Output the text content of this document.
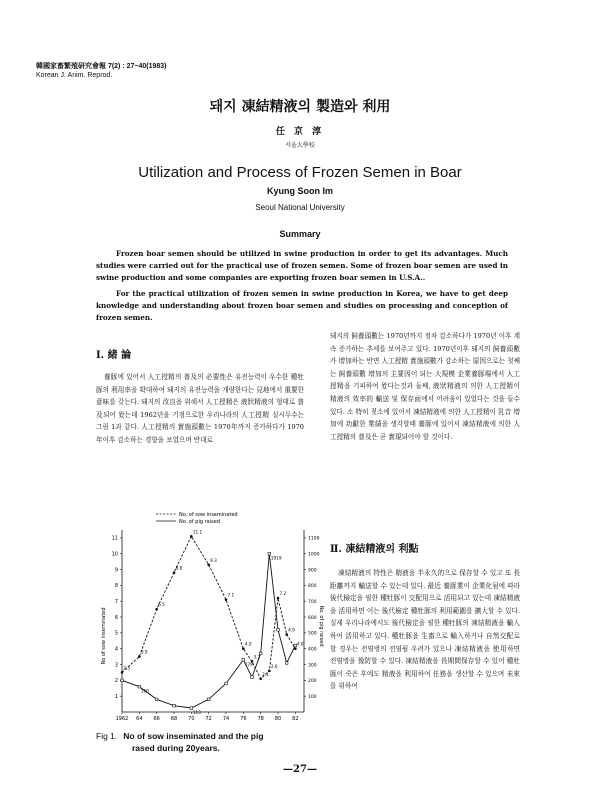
韓國家畜繁殖研究會報 7(2) : 27~40(1983)
Korean J. Anim. Reprod.
돼지 凍結精液의 製造와 利用
任 京 淳
서울大學校
Utilization and Process of Frozen Semen in Boar
Kyung Soon Im
Seoul National University
Summary

Frozen boar semen should be utilized in swine production in order to get its advantages. Much studies were carried out for the practical use of frozen semen. Some of frozen boar semen are used in swine production and some companies are exporting frozen boar semen in U.S.A..

For the practical utilization of frozen semen in swine production in Korea, we have to get deep knowledge and understanding about frozen boar semen and studies on processing and conception of frozen semen.

Ⅰ. 緒 論

養豚에 있어서 人工授精의 普及의 必要性은 유전능력이 우수한 種牡豚의 利用率을 확대하여 돼지의 유전능력을 개량한다는 見地에서 重要한 意味를 갖는다. 돼지의 改良을 위해서 人工授精은 液狀精液의 형태로 普及되어 왔는데 1962년을 기점으로한 우리나라의 人工授精 실시두수는 그림 1과 같다. 人工授精의 實施頭數는 1970年까지 증가하다가 1970年이후 감소하는 경향을 보였으며 반대로

1962 64 66 68 70 72 74 76 78 80 82
1
2
3
4
5
6
7
8
9
10
11
100
200
300
400
500
600
700
800
900
1000
1100
2.5
3.9
6.5
8.8
11.1
9.3
7.1
4.0
3.2
2.1
2.6
7.2
4.9
4.0
160
113
179
1919
No. of sow inseminated
No. of pig raised
No of sow inseminated	No. of pig raised
Fig 1. No of sow inseminated and the pig
rased during 20years.

돼지의 飼養頭數는 1970년까지 점차 감소하다가 1970년 이후 계속 증가하는 추세를 보여주고 있다. 1970년이후 돼지의 飼養頭數가 增加하는 반면 人工授精 實施頭數가 감소하는 原因으로는 첫째는 飼養頭數 增加의 主要因이 되는 大規模 企業養豚場에서 人工授精을 기피하여 왔다는것과 둘째, 液狀精液의 의한 人工授精이 精液의 效率的 輸送 및 保存面에서 어려움이 있었다는 것을 들수있다. 소 特히 젖소에 있어서 凍結精液에 의한 人工授精이 乳音 增加에 功獻한 業績을 생각할때 養豚에 있어서 凍結精液에 의한 人工授精의 普及은 곧 實現되어야 할 것이다.

Ⅱ. 凍結精液의 利點

凍結精液의 特性은 精液을 半永久的으로 保存할 수 있고 또 長距離까지 輸送할 수 있는데 있다. 最近 養豚業이 企業化됨에 따라 後代檢定을 필한 種牡豚이 交配用으로 活用되고 있는데 凍結精液을 活用하면 이는 後代檢定 種牡豚의 利用範圍를 擴大할 수 있다. 실제 우리나라에서도 後代檢定을 필한 種牡豚의 凍結精液을 輸入하여 活用하고 있다. 種牡豚을 生畜으로 輸入하거나 自然交配로 할 경우는 전염병의 전염될 우려가 있으나 凍結精液을 使用하면 전염병을 豫防할 수 있다. 凍結精液을 長期間保存할 수 있어 種牡豚이 죽은 후에도 精液을 利用하여 任務을 생산할 수 있으며 未來를 위하여

—27—
